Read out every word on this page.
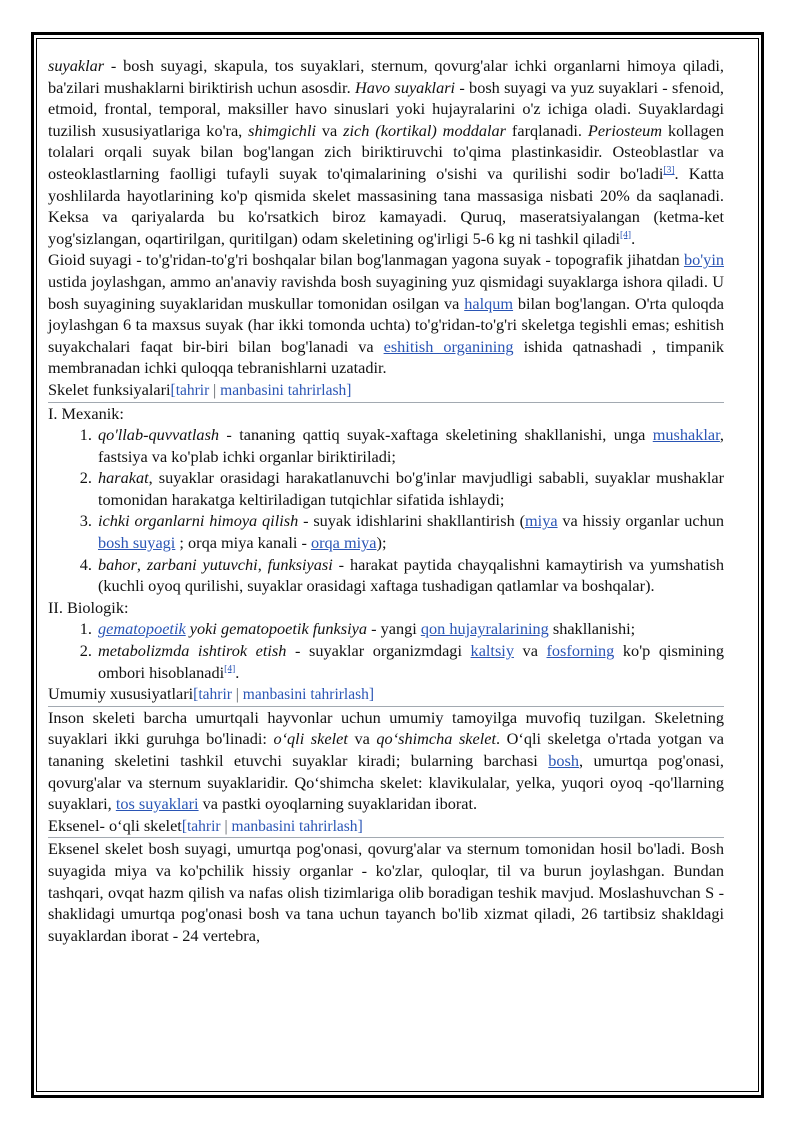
suyaklar - bosh suyagi, skapula, tos suyaklari, sternum, qovurg'alar ichki organlarni himoya qiladi, ba'zilari mushaklarni biriktirish uchun asosdir. Havo suyaklari - bosh suyagi va yuz suyaklari - sfenoid, etmoid, frontal, temporal, maksiller havo sinuslari yoki hujayralarini o'z ichiga oladi. Suyaklardagi tuzilish xususiyatlariga ko'ra, shimgichli va zich (kortikal) moddalar farqlanadi. Periosteum kollagen tolalari orqali suyak bilan bog'langan zich biriktiruvchi to'qima plastinkasidir. Osteoblastlar va osteoklastlarning faolligi tufayli suyak to'qimalarining o'sishi va qurilishi sodir bo'ladi[3]. Katta yoshlilarda hayotlarining ko'p qismida skelet massasining tana massasiga nisbati 20% da saqlanadi. Keksa va qariyalarda bu ko'rsatkich biroz kamayadi. Quruq, maseratsiyalangan (ketma-ket yog'sizlangan, oqartirilgan, quritilgan) odam skeletining og'irligi 5-6 kg ni tashkil qiladi[4].

Gioid suyagi - to'g'ridan-to'g'ri boshqalar bilan bog'lanmagan yagona suyak - topografik jihatdan bo'yin ustida joylashgan, ammo an'anaviy ravishda bosh suyagining yuz qismidagi suyaklarga ishora qiladi. U bosh suyagining suyaklaridan muskullar tomonidan osilgan va halqum bilan bog'langan. O'rta quloqda joylashgan 6 ta maxsus suyak (har ikki tomonda uchta) to'g'ridan-to'g'ri skeletga tegishli emas; eshitish suyakchalari faqat bir-biri bilan bog'lanadi va eshitish organining ishida qatnashadi , timpanik membranadan ichki quloqqa tebranishlarni uzatadir.

Skelet funksiyalari[tahrir | manbasini tahrirlash]
I. Mexanik:
1. qo'llab-quvvatlash - tananing qattiq suyak-xaftaga skeletining shakllanishi, unga mushaklar, fastsiya va ko'plab ichki organlar biriktiriladi;
2. harakat, suyaklar orasidagi harakatlanuvchi bo'g'inlar mavjudligi sababli, suyaklar mushaklar tomonidan harakatga keltiriladigan tutqichlar sifatida ishlaydi;
3. ichki organlarni himoya qilish - suyak idishlarini shakllantirish (miya va hissiy organlar uchun bosh suyagi ; orqa miya kanali - orqa miya);
4. bahor, zarbani yutuvchi, funksiyasi - harakat paytida chayqalishni kamaytirish va yumshatish (kuchli oyoq qurilishi, suyaklar orasidagi xaftaga tushadigan qatlamlar va boshqalar).
II. Biologik:
1. gematopoetik yoki gematopoetik funksiya - yangi qon hujayralarining shakllanishi;
2. metabolizmda ishtirok etish - suyaklar organizmdagi kaltsiy va fosforning ko'p qismining ombori hisoblanadi[4].
Umumiy xususiyatlari[tahrir | manbasini tahrirlash]

Inson skeleti barcha umurtqali hayvonlar uchun umumiy tamoyilga muvofiq tuzilgan. Skeletning suyaklari ikki guruhga bo'linadi: o‘qli skelet va qo‘shimcha skelet. O‘qli skeletga o'rtada yotgan va tananing skeletini tashkil etuvchi suyaklar kiradi; bularning barchasi bosh, umurtqa pog'onasi, qovurg'alar va sternum suyaklaridir. Qo‘shimcha skelet: klavikulalar, yelka, yuqori oyoq -qo'llarning suyaklari, tos suyaklari va pastki oyoqlarning suyaklaridan iborat.

Eksenel- o‘qli skelet[tahrir | manbasini tahrirlash]

Eksenel skelet bosh suyagi, umurtqa pog'onasi, qovurg'alar va sternum tomonidan hosil bo'ladi. Bosh suyagida miya va ko'pchilik hissiy organlar - ko'zlar, quloqlar, til va burun joylashgan. Bundan tashqari, ovqat hazm qilish va nafas olish tizimlariga olib boradigan teshik mavjud. Moslashuvchan S - shaklidagi umurtqa pog'onasi bosh va tana uchun tayanch bo'lib xizmat qiladi, 26 tartibsiz shakldagi suyaklardan iborat - 24 vertebra,
